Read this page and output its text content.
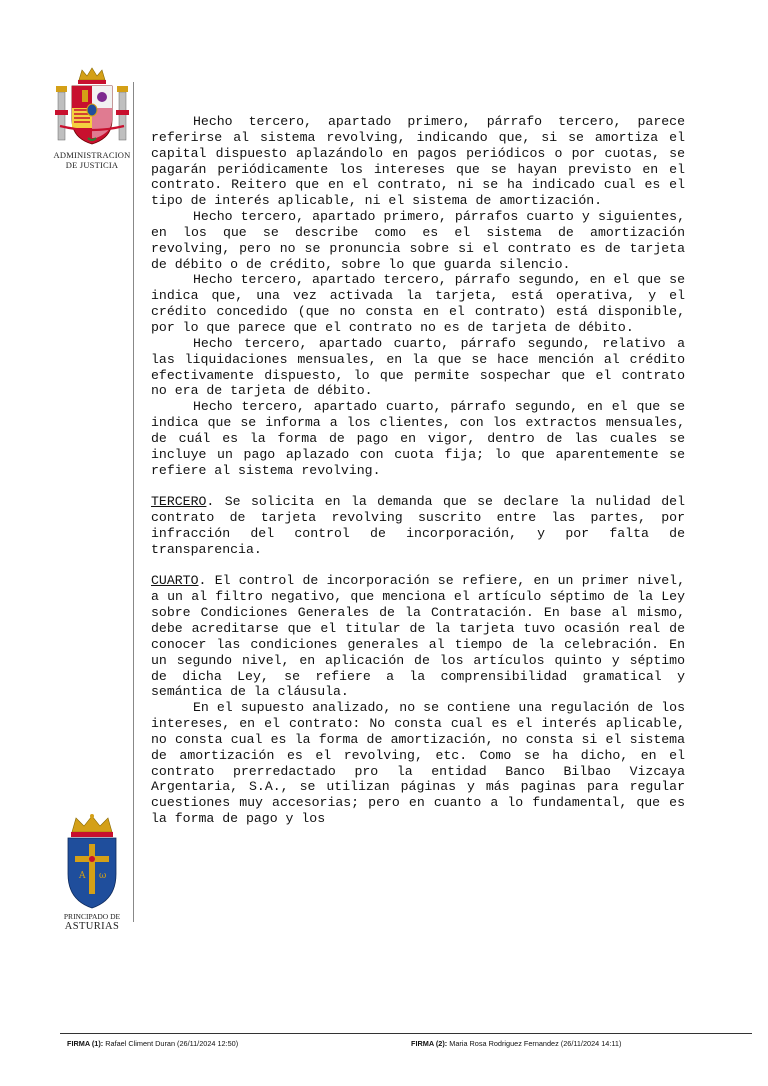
ADMINISTRACION
DE JUSTICIA

Hecho tercero, apartado primero, párrafo tercero, parece referirse al sistema revolving, indicando que, si se amortiza el capital dispuesto aplazándolo en pagos periódicos o por cuotas, se pagarán periódicamente los intereses que se hayan previsto en el contrato. Reitero que en el contrato, ni se ha indicado cual es el tipo de interés aplicable, ni el sistema de amortización.

Hecho tercero, apartado primero, párrafos cuarto y siguientes, en los que se describe como es el sistema de amortización revolving, pero no se pronuncia sobre si el contrato es de tarjeta de débito o de crédito, sobre lo que guarda silencio.

Hecho tercero, apartado tercero, párrafo segundo, en el que se indica que, una vez activada la tarjeta, está operativa, y el crédito concedido (que no consta en el contrato) está disponible, por lo que parece que el contrato no es de tarjeta de débito.

Hecho tercero, apartado cuarto, párrafo segundo, relativo a las liquidaciones mensuales, en la que se hace mención al crédito efectivamente dispuesto, lo que permite sospechar que el contrato no era de tarjeta de débito.

Hecho tercero, apartado cuarto, párrafo segundo, en el que se indica que se informa a los clientes, con los extractos mensuales, de cuál es la forma de pago en vigor, dentro de las cuales se incluye un pago aplazado con cuota fija; lo que aparentemente se refiere al sistema revolving.

TERCERO. Se solicita en la demanda que se declare la nulidad del contrato de tarjeta revolving suscrito entre las partes, por infracción del control de incorporación, y por falta de transparencia.

CUARTO. El control de incorporación se refiere, en un primer nivel, a un al filtro negativo, que menciona el artículo séptimo de la Ley sobre Condiciones Generales de la Contratación. En base al mismo, debe acreditarse que el titular de la tarjeta tuvo ocasión real de conocer las condiciones generales al tiempo de la celebración. En un segundo nivel, en aplicación de los artículos quinto y séptimo de dicha Ley, se refiere a la comprensibilidad gramatical y semántica de la cláusula.

En el supuesto analizado, no se contiene una regulación de los intereses, en el contrato: No consta cual es el interés aplicable, no consta cual es la forma de amortización, no consta si el sistema de amortización es el revolving, etc. Como se ha dicho, en el contrato prerredactado pro la entidad Banco Bilbao Vizcaya Argentaria, S.A., se utilizan páginas y más paginas para regular cuestiones muy accesorias; pero en cuanto a lo fundamental, que es la forma de pago y los

A ω
PRINCIPADO DE
ASTURIAS
FIRMA (1): Rafael Climent Duran (26/11/2024 12:50)	FIRMA (2): Maria Rosa Rodriguez Fernandez (26/11/2024 14:11)
